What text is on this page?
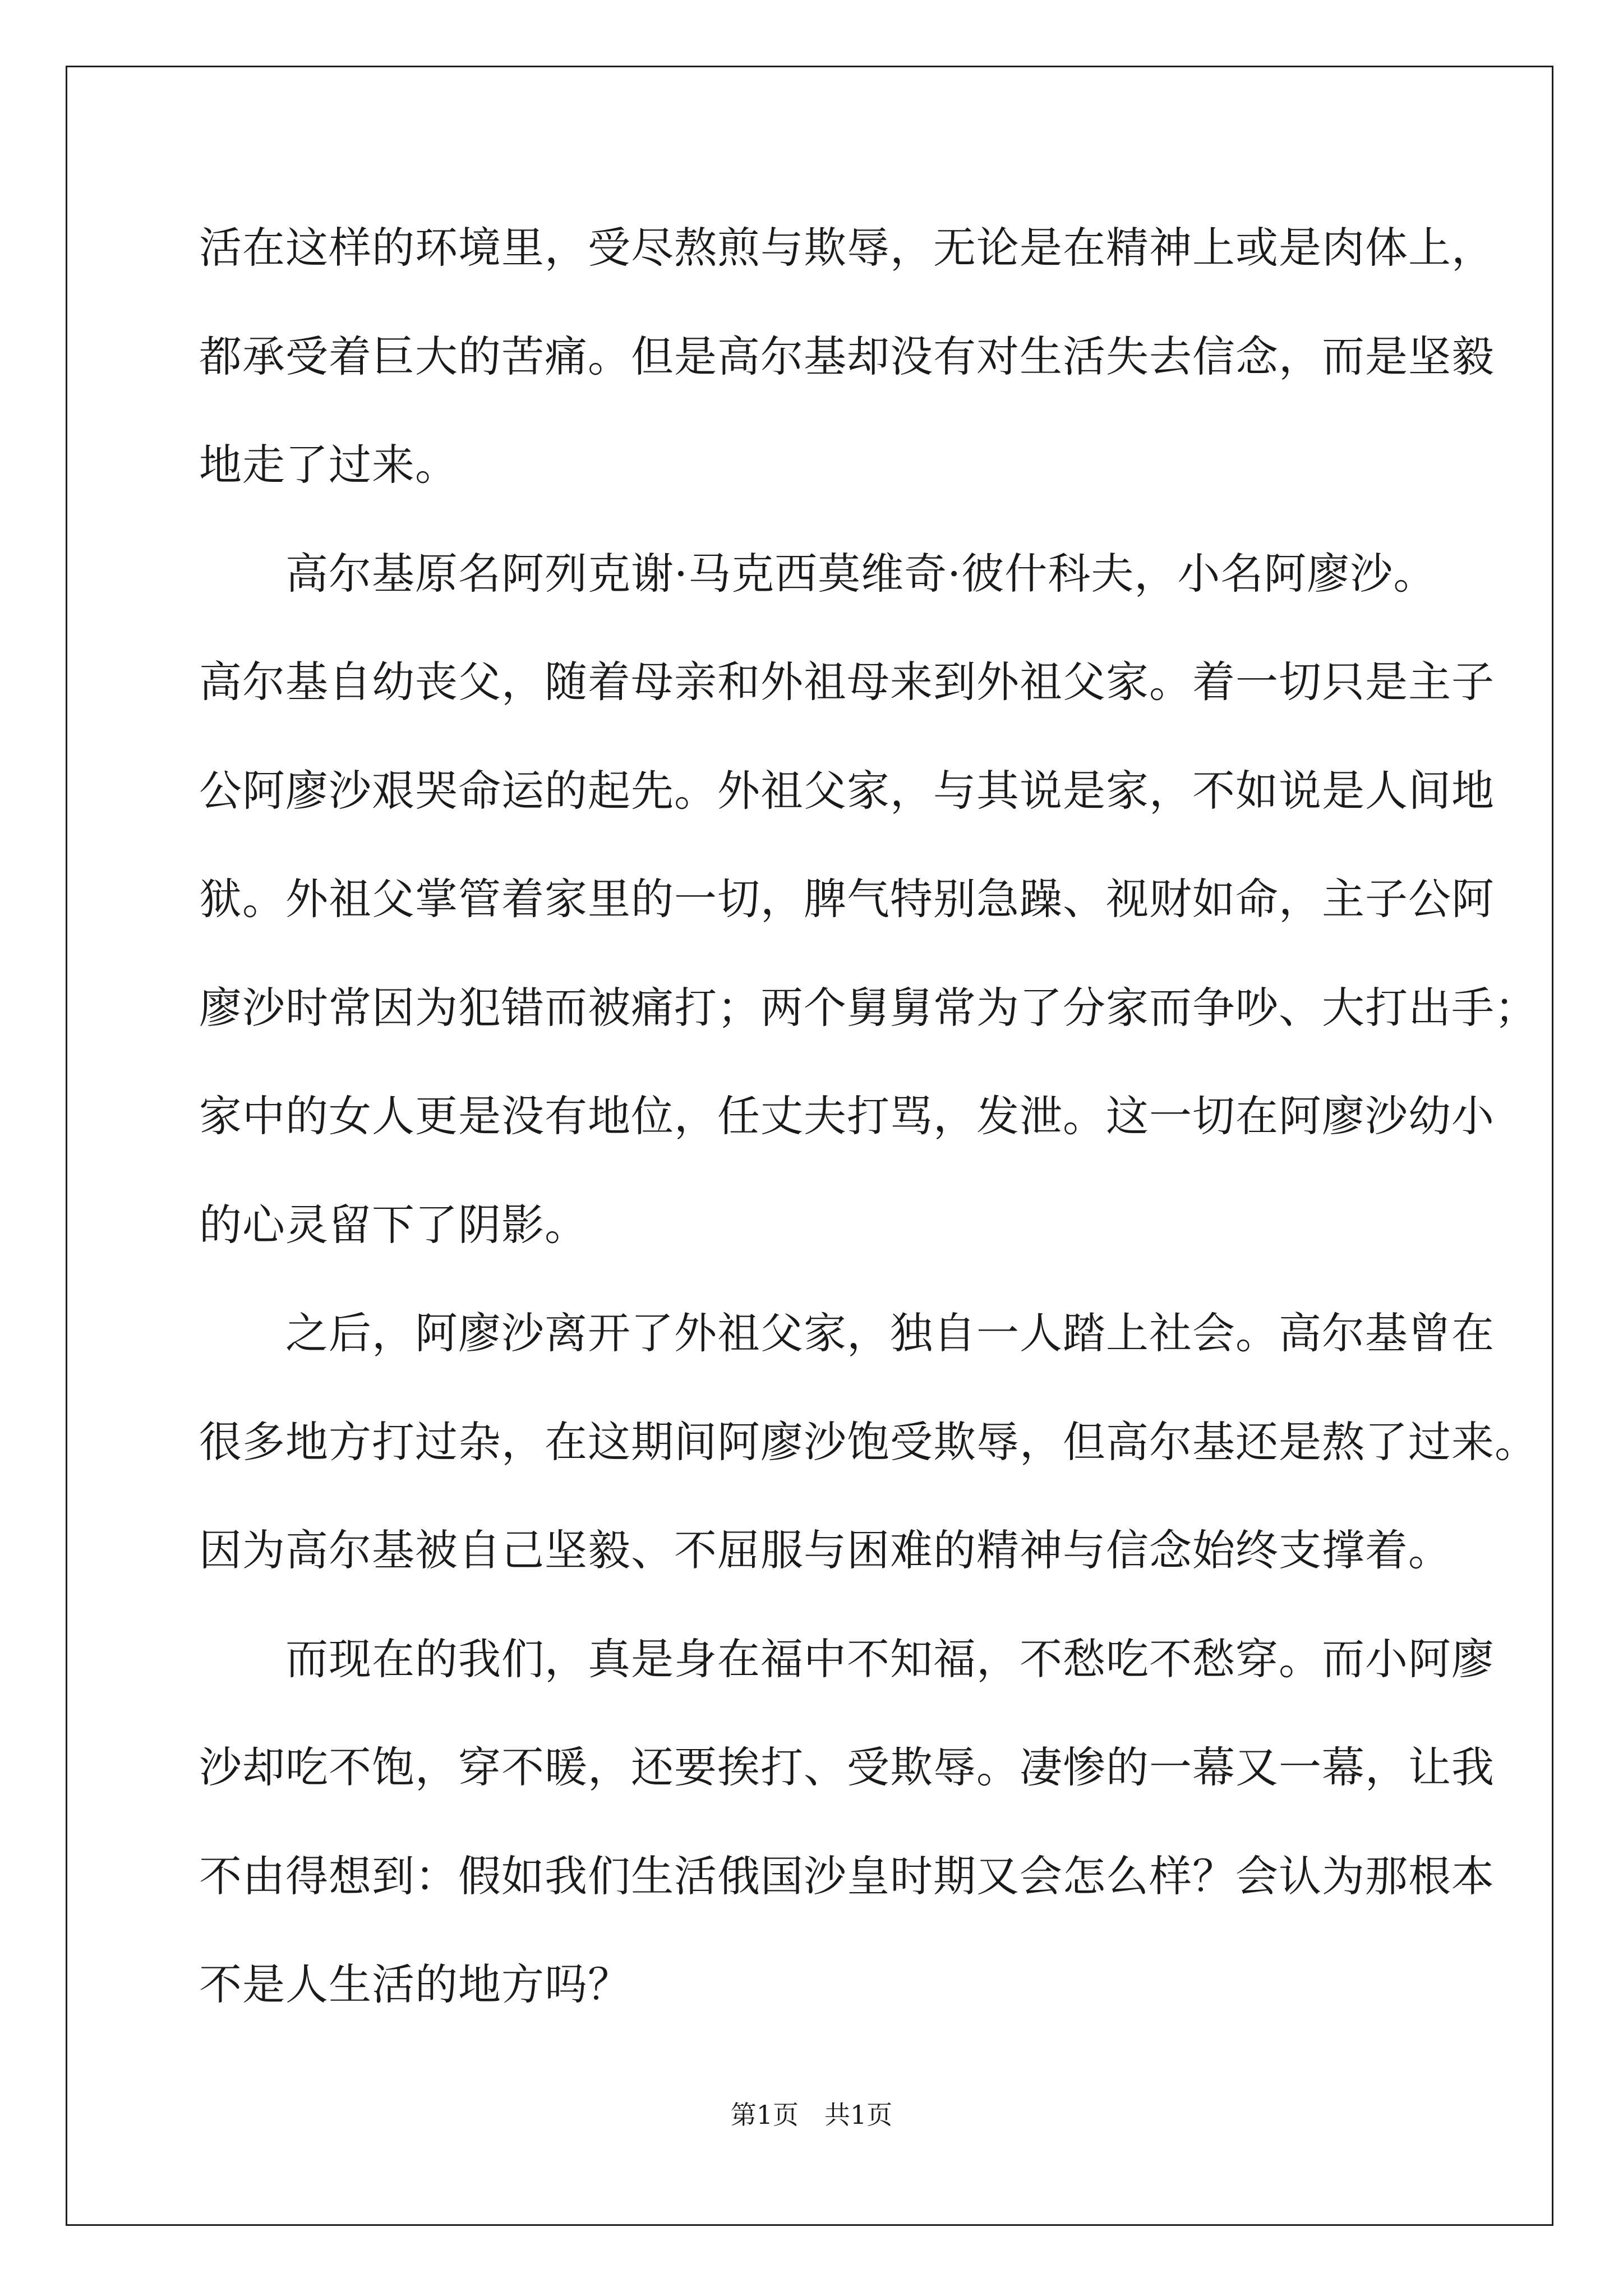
活在这样的环境里，受尽熬煎与欺辱，无论是在精神上或是肉体上，
都承受着巨大的苦痛。但是高尔基却没有对生活失去信念，而是坚毅
地走了过来。
　　高尔基原名阿列克谢·马克西莫维奇·彼什科夫，小名阿廖沙。
高尔基自幼丧父，随着母亲和外祖母来到外祖父家。着一切只是主子
公阿廖沙艰哭命运的起先。外祖父家，与其说是家，不如说是人间地
狱。外祖父掌管着家里的一切，脾气特别急躁、视财如命，主子公阿
廖沙时常因为犯错而被痛打；两个舅舅常为了分家而争吵、大打出手；
家中的女人更是没有地位，任丈夫打骂，发泄。这一切在阿廖沙幼小
的心灵留下了阴影。
　　之后，阿廖沙离开了外祖父家，独自一人踏上社会。高尔基曾在
很多地方打过杂，在这期间阿廖沙饱受欺辱，但高尔基还是熬了过来。
因为高尔基被自己坚毅、不屈服与困难的精神与信念始终支撑着。
　　而现在的我们，真是身在福中不知福，不愁吃不愁穿。而小阿廖
沙却吃不饱，穿不暖，还要挨打、受欺辱。凄惨的一幕又一幕，让我
不由得想到：假如我们生活俄国沙皇时期又会怎么样？会认为那根本
不是人生活的地方吗？
第1页　共1页
